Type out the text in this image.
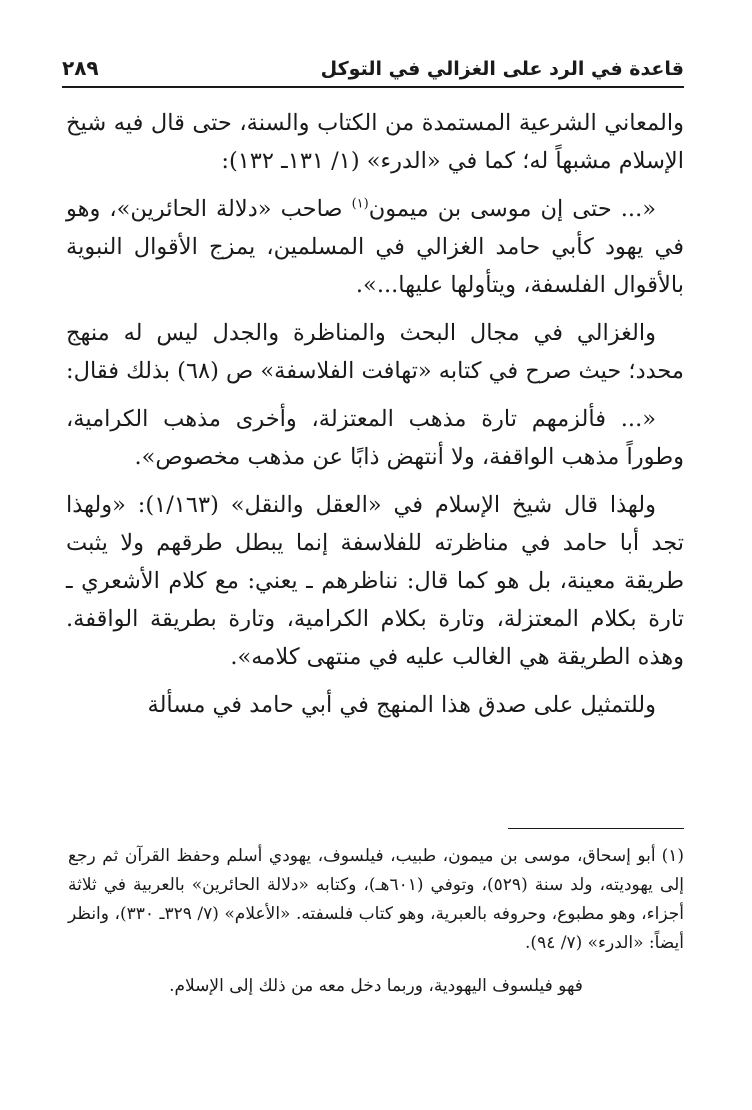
قاعدة في الرد على الغزالي في التوكل
٢٨٩

والمعاني الشرعية المستمدة من الكتاب والسنة، حتى قال فيه شيخ الإسلام مشبهاً له؛ كما في «الدرء» (١/ ١٣١ـ ١٣٢):

«... حتى إن موسى بن ميمون$^{(١)}$ صاحب «دلالة الحائرين»، وهو في يهود كأبي حامد الغزالي في المسلمين، يمزج الأقوال النبوية بالأقوال الفلسفة، ويتأولها عليها...».

والغزالي في مجال البحث والمناظرة والجدل ليس له منهج محدد؛ حيث صرح في كتابه «تهافت الفلاسفة» ص (٦٨) بذلك فقال:

«... فألزمهم تارة مذهب المعتزلة، وأخرى مذهب الكرامية، وطوراً مذهب الواقفة، ولا أنتهض ذابًا عن مذهب مخصوص».

ولهذا قال شيخ الإسلام في «العقل والنقل» (١/١٦٣): «ولهذا تجد أبا حامد في مناظرته للفلاسفة إنما يبطل طرقهم ولا يثبت طريقة معينة، بل هو كما قال: نناظرهم ـ يعني: مع كلام الأشعري ـ تارة بكلام المعتزلة، وتارة بكلام الكرامية، وتارة بطريقة الواقفة. وهذه الطريقة هي الغالب عليه في منتهى كلامه».

وللتمثيل على صدق هذا المنهج في أبي حامد في مسألة

(١)أبو إسحاق، موسى بن ميمون، طبيب، فيلسوف، يهودي أسلم وحفظ القرآن ثم رجع إلى يهوديته، ولد سنة (٥٢٩)، وتوفي (٦٠١هـ)، وكتابه «دلالة الحائرين» بالعربية في ثلاثة أجزاء، وهو مطبوع، وحروفه بالعبرية، وهو كتاب فلسفته. «الأعلام» (٧/ ٣٢٩ـ ٣٣٠)، وانظر أيضاً: «الدرء» (٧/ ٩٤).

فهو فيلسوف اليهودية، وربما دخل معه من ذلك إلى الإسلام.
